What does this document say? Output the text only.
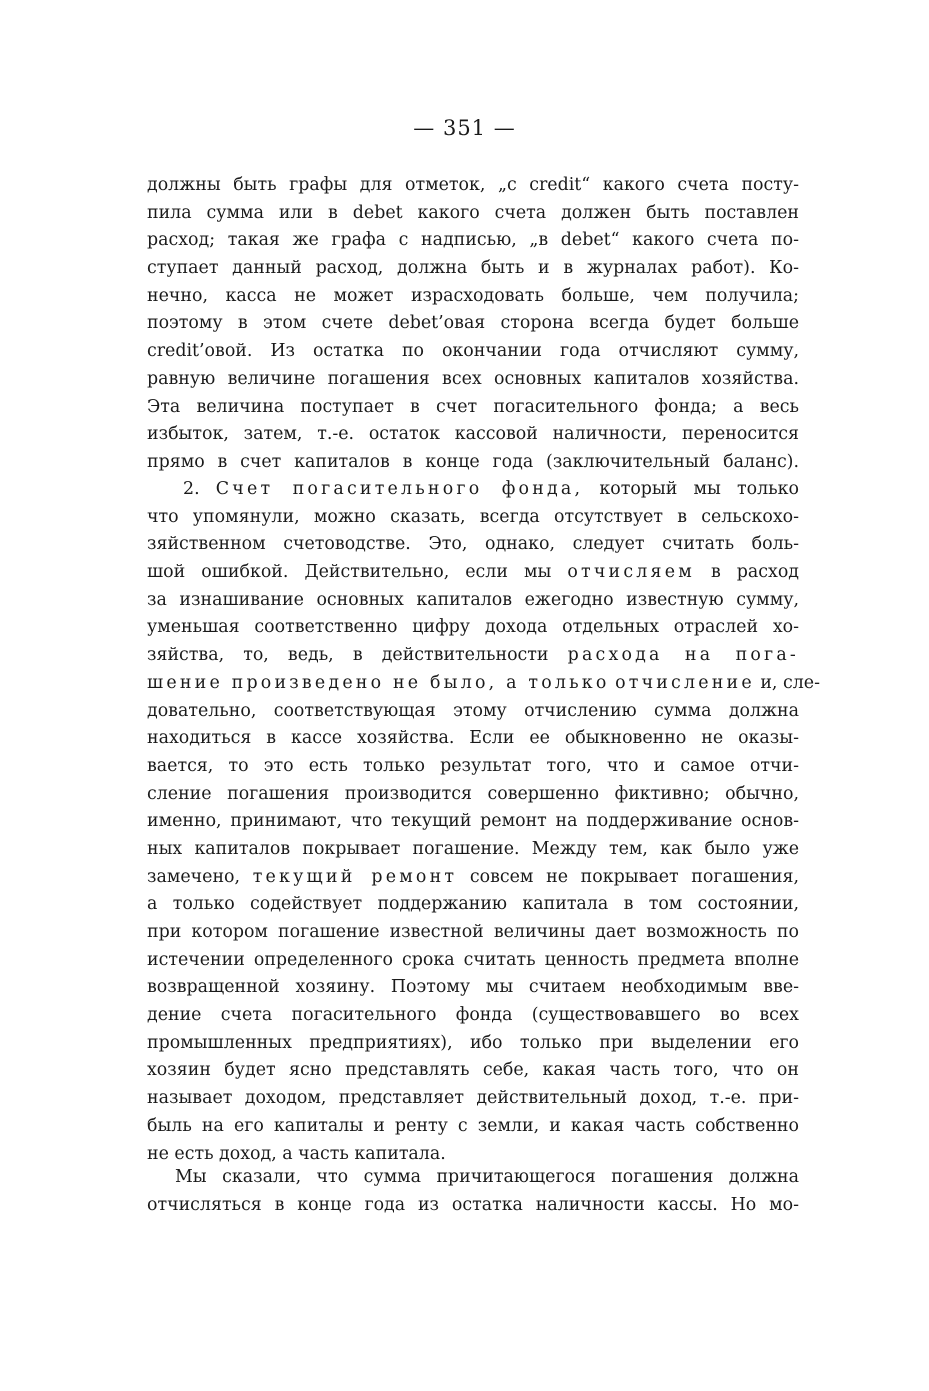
— 351 —
должны быть графы для отметок, „с credit“ какого счета посту-
пила сумма или в debet какого счета должен быть поставлен
расход; такая же графа с надписью, „в debet“ какого счета по-
ступает данный расход, должна быть и в журналах работ). Ко-
нечно, касса не может израсходовать больше, чем получила;
поэтому в этом счете debet’овая сторона всегда будет больше
credit’овой. Из остатка по окончании года отчисляют сумму,
равную величине погашения всех основных капиталов хозяйства.
Эта величина поступает в счет погасительного фонда; а весь
избыток, затем, т.-е. остаток кассовой наличности, переносится
прямо в счет капиталов в конце года (заключительный баланс).
2. Счет погасительного фонда, который мы только
что упомянули, можно сказать, всегда отсутствует в сельскохо-
зяйственном счетоводстве. Это, однако, следует считать боль-
шой ошибкой. Действительно, если мы отчисляем в расход
за изнашивание основных капиталов ежегодно известную сумму,
уменьшая соответственно цифру дохода отдельных отраслей хо-
зяйства, то, ведь, в действительности расхода на пога-
шение произведено не было, а только отчисление и, сле-
довательно, соответствующая этому отчислению сумма должна
находиться в кассе хозяйства. Если ее обыкновенно не оказы-
вается, то это есть только результат того, что и самое отчи-
сление погашения производится совершенно фиктивно; обычно,
именно, принимают, что текущий ремонт на поддерживание основ-
ных капиталов покрывает погашение. Между тем, как было уже
замечено, текущий ремонт совсем не покрывает погашения,
а только содействует поддержанию капитала в том состоянии,
при котором погашение известной величины дает возможность по
истечении определенного срока считать ценность предмета вполне
возвращенной хозяину. Поэтому мы считаем необходимым вве-
дение счета погасительного фонда (существовавшего во всех
промышленных предприятиях), ибо только при выделении его
хозяин будет ясно представлять себе, какая часть того, что он
называет доходом, представляет действительный доход, т.-е. при-
быль на его капиталы и ренту с земли, и какая часть собственно
не есть доход, а часть капитала.
Мы сказали, что сумма причитающегося погашения должна
отчисляться в конце года из остатка наличности кассы. Но мо-
